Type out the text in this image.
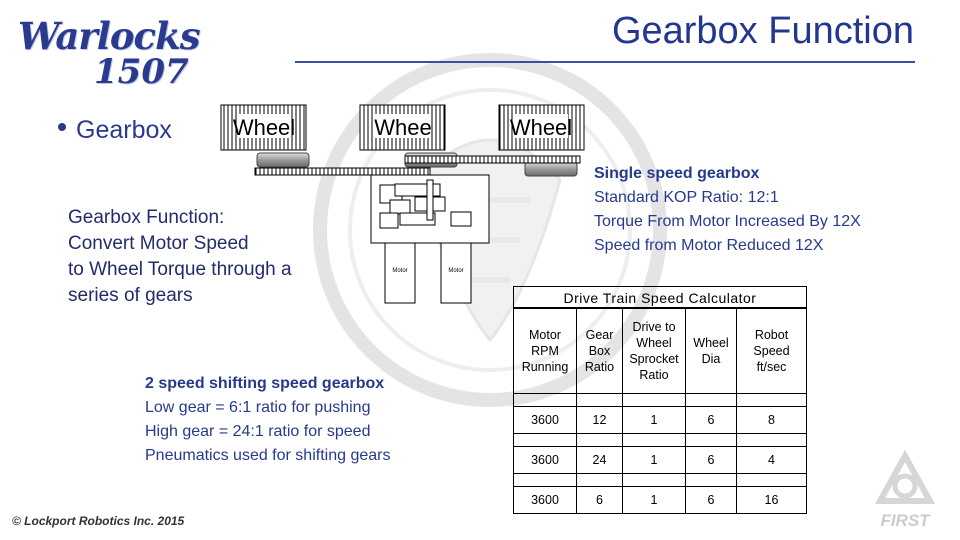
Warlocks
1507
Gearbox Function
Gearbox
Gearbox Function:
Convert Motor Speed
to Wheel Torque through a
series of gears
Wheel	Whee	Wheel
Motor	Motor
Single speed gearbox
Standard KOP Ratio: 12:1
Torque From Motor Increased By 12X
Speed from Motor Reduced 12X
Drive Train Speed Calculator
Motor
RPM
Running	Gear
Box
Ratio	Drive to
Wheel
Sprocket
Ratio	Wheel
Dia	Robot
Speed
ft/sec

3600	12	1	6	8

3600	24	1	6	4

3600	6	1	6	16
2 speed shifting speed gearbox
Low gear = 6:1 ratio for pushing
High gear = 24:1 ratio for speed
Pneumatics used for shifting gears
© Lockport Robotics Inc. 2015	FIRST
